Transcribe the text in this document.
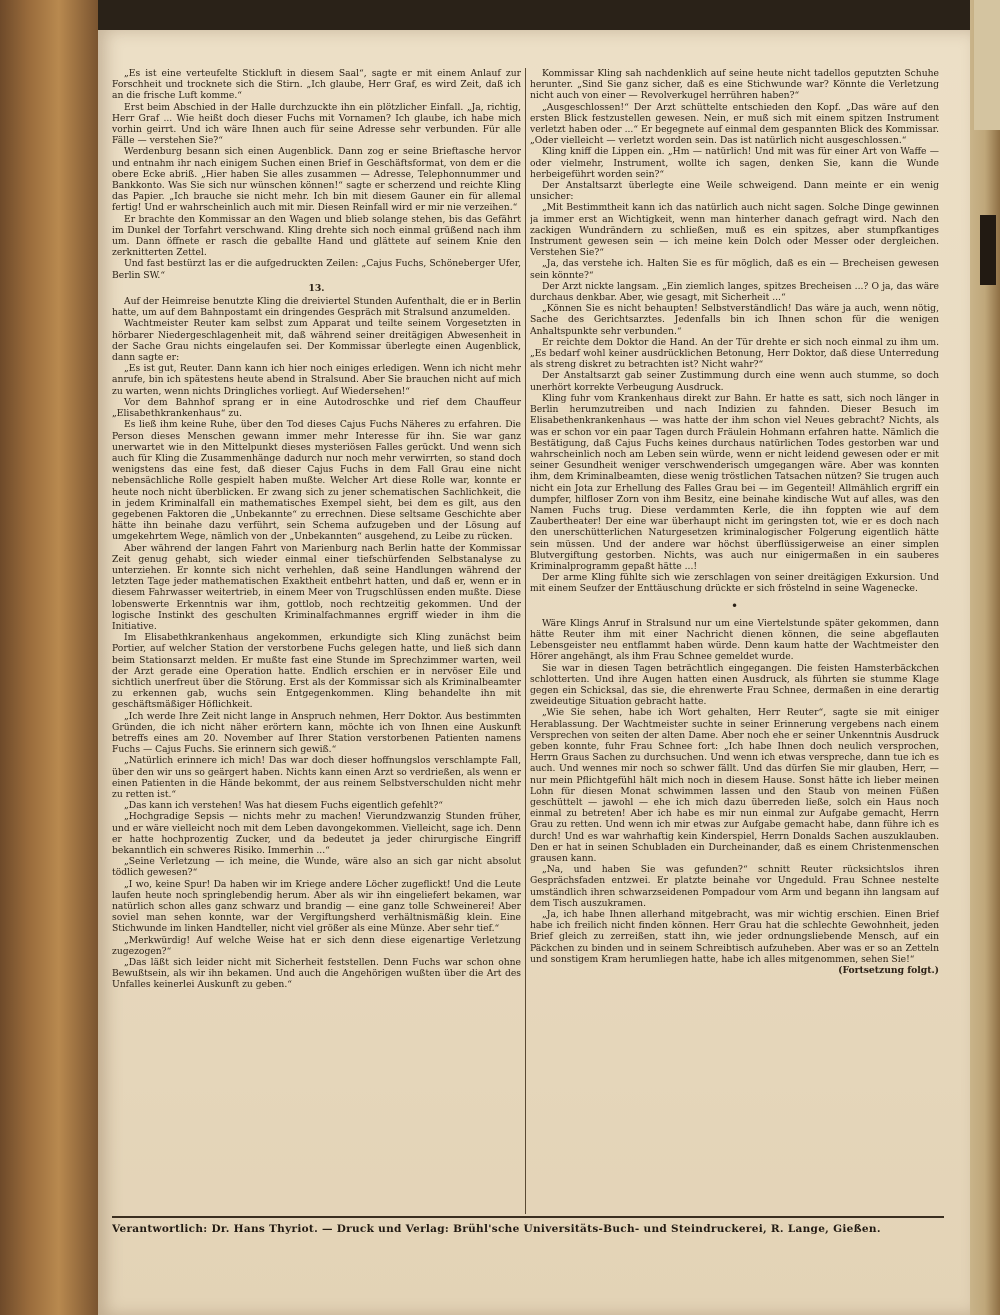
„Es ist eine verteufelte Stickluft in diesem Saal“, sagte er mit einem Anlauf zur Forschheit und trocknete sich die Stirn. „Ich glaube, Herr Graf, es wird Zeit, daß ich an die frische Luft komme.“

Erst beim Abschied in der Halle durchzuckte ihn ein plötzlicher Einfall. „Ja, richtig, Herr Graf ... Wie heißt doch dieser Fuchs mit Vornamen? Ich glaube, ich habe mich vorhin geirrt. Und ich wäre Ihnen auch für seine Adresse sehr verbunden. Für alle Fälle — verstehen Sie?“

Werdenburg besann sich einen Augenblick. Dann zog er seine Brieftasche hervor und entnahm ihr nach einigem Suchen einen Brief in Geschäftsformat, von dem er die obere Ecke abriß. „Hier haben Sie alles zusammen — Adresse, Telephonnummer und Bankkonto. Was Sie sich nur wünschen können!“ sagte er scherzend und reichte Kling das Papier. „Ich brauche sie nicht mehr. Ich bin mit diesem Gauner ein für allemal fertig! Und er wahrscheinlich auch mit mir. Diesen Reinfall wird er mir nie verzeihen.“

Er brachte den Kommissar an den Wagen und blieb solange stehen, bis das Gefährt im Dunkel der Torfahrt verschwand. Kling drehte sich noch einmal grüßend nach ihm um. Dann öffnete er rasch die geballte Hand und glättete auf seinem Knie den zerknitterten Zettel.

Und fast bestürzt las er die aufgedruckten Zeilen: „Cajus Fuchs, Schöneberger Ufer, Berlin SW.“

13.

Auf der Heimreise benutzte Kling die dreiviertel Stunden Aufenthalt, die er in Berlin hatte, um auf dem Bahnpostamt ein dringendes Gespräch mit Stralsund anzumelden.

Wachtmeister Reuter kam selbst zum Apparat und teilte seinem Vorgesetzten in hörbarer Niedergeschlagenheit mit, daß während seiner dreitägigen Abwesenheit in der Sache Grau nichts eingelaufen sei. Der Kommissar überlegte einen Augenblick, dann sagte er:

„Es ist gut, Reuter. Dann kann ich hier noch einiges erledigen. Wenn ich nicht mehr anrufe, bin ich spätestens heute abend in Stralsund. Aber Sie brauchen nicht auf mich zu warten, wenn nichts Dringliches vorliegt. Auf Wiedersehen!“

Vor dem Bahnhof sprang er in eine Autodroschke und rief dem Chauffeur „Elisabethkrankenhaus“ zu.

Es ließ ihm keine Ruhe, über den Tod dieses Cajus Fuchs Näheres zu erfahren. Die Person dieses Menschen gewann immer mehr Interesse für ihn. Sie war ganz unerwartet wie in den Mittelpunkt dieses mysteriösen Falles gerückt. Und wenn sich auch für Kling die Zusammenhänge dadurch nur noch mehr verwirrten, so stand doch wenigstens das eine fest, daß dieser Cajus Fuchs in dem Fall Grau eine nicht nebensächliche Rolle gespielt haben mußte. Welcher Art diese Rolle war, konnte er heute noch nicht überblicken. Er zwang sich zu jener schematischen Sachlichkeit, die in jedem Kriminalfall ein mathematisches Exempel sieht, bei dem es gilt, aus den gegebenen Faktoren die „Unbekannte“ zu errechnen. Diese seltsame Geschichte aber hätte ihn beinahe dazu verführt, sein Schema aufzugeben und der Lösung auf umgekehrtem Wege, nämlich von der „Unbekannten“ ausgehend, zu Leibe zu rücken.

Aber während der langen Fahrt von Marienburg nach Berlin hatte der Kommissar Zeit genug gehabt, sich wieder einmal einer tiefschürfenden Selbstanalyse zu unterziehen. Er konnte sich nicht verhehlen, daß seine Handlungen während der letzten Tage jeder mathematischen Exaktheit entbehrt hatten, und daß er, wenn er in diesem Fahrwasser weitertrieb, in einem Meer von Trugschlüssen enden mußte. Diese lobenswerte Erkenntnis war ihm, gottlob, noch rechtzeitig gekommen. Und der logische Instinkt des geschulten Kriminalfachmannes ergriff wieder in ihm die Initiative.

Im Elisabethkrankenhaus angekommen, erkundigte sich Kling zunächst beim Portier, auf welcher Station der verstorbene Fuchs gelegen hatte, und ließ sich dann beim Stationsarzt melden. Er mußte fast eine Stunde im Sprechzimmer warten, weil der Arzt gerade eine Operation hatte. Endlich erschien er in nervöser Eile und sichtlich unerfreut über die Störung. Erst als der Kommissar sich als Kriminalbeamter zu erkennen gab, wuchs sein Entgegenkommen. Kling behandelte ihn mit geschäftsmäßiger Höflichkeit.

„Ich werde Ihre Zeit nicht lange in Anspruch nehmen, Herr Doktor. Aus bestimmten Gründen, die ich nicht näher erörtern kann, möchte ich von Ihnen eine Auskunft betreffs eines am 20. November auf Ihrer Station verstorbenen Patienten namens Fuchs — Cajus Fuchs. Sie erinnern sich gewiß.“

„Natürlich erinnere ich mich! Das war doch dieser hoffnungslos verschlampte Fall, über den wir uns so geärgert haben. Nichts kann einen Arzt so verdrießen, als wenn er einen Patienten in die Hände bekommt, der aus reinem Selbstverschulden nicht mehr zu retten ist.“

„Das kann ich verstehen! Was hat diesem Fuchs eigentlich gefehlt?“

„Hochgradige Sepsis — nichts mehr zu machen! Vierundzwanzig Stunden früher, und er wäre vielleicht noch mit dem Leben davongekommen. Vielleicht, sage ich. Denn er hatte hochprozentig Zucker, und da bedeutet ja jeder chirurgische Eingriff bekanntlich ein schweres Risiko. Immerhin ...“

„Seine Verletzung — ich meine, die Wunde, wäre also an sich gar nicht absolut tödlich gewesen?“

„I wo, keine Spur! Da haben wir im Kriege andere Löcher zugeflickt! Und die Leute laufen heute noch springlebendig herum. Aber als wir ihn eingeliefert bekamen, war natürlich schon alles ganz schwarz und brandig — eine ganz tolle Schweinerei! Aber soviel man sehen konnte, war der Vergiftungsherd verhältnismäßig klein. Eine Stichwunde im linken Handteller, nicht viel größer als eine Münze. Aber sehr tief.“

„Merkwürdig! Auf welche Weise hat er sich denn diese eigenartige Verletzung zugezogen?“

„Das läßt sich leider nicht mit Sicherheit feststellen. Denn Fuchs war schon ohne Bewußtsein, als wir ihn bekamen. Und auch die Angehörigen wußten über die Art des Unfalles keinerlei Auskunft zu geben.“

Kommissar Kling sah nachdenklich auf seine heute nicht tadellos geputzten Schuhe herunter. „Sind Sie ganz sicher, daß es eine Stichwunde war? Könnte die Verletzung nicht auch von einer — Revolverkugel herrühren haben?“

„Ausgeschlossen!“ Der Arzt schüttelte entschieden den Kopf. „Das wäre auf den ersten Blick festzustellen gewesen. Nein, er muß sich mit einem spitzen Instrument verletzt haben oder ...“ Er begegnete auf einmal dem gespannten Blick des Kommissar. „Oder vielleicht — verletzt worden sein. Das ist natürlich nicht ausgeschlossen.“

Kling kniff die Lippen ein. „Hm — natürlich! Und mit was für einer Art von Waffe — oder vielmehr, Instrument, wollte ich sagen, denken Sie, kann die Wunde herbeigeführt worden sein?“

Der Anstaltsarzt überlegte eine Weile schweigend. Dann meinte er ein wenig unsicher:

„Mit Bestimmtheit kann ich das natürlich auch nicht sagen. Solche Dinge gewinnen ja immer erst an Wichtigkeit, wenn man hinterher danach gefragt wird. Nach den zackigen Wundrändern zu schließen, muß es ein spitzes, aber stumpfkantiges Instrument gewesen sein — ich meine kein Dolch oder Messer oder dergleichen. Verstehen Sie?“

„Ja, das verstehe ich. Halten Sie es für möglich, daß es ein — Brecheisen gewesen sein könnte?“

Der Arzt nickte langsam. „Ein ziemlich langes, spitzes Brecheisen ...? O ja, das wäre durchaus denkbar. Aber, wie gesagt, mit Sicherheit ...“

„Können Sie es nicht behaupten! Selbstverständlich! Das wäre ja auch, wenn nötig, Sache des Gerichtsarztes. Jedenfalls bin ich Ihnen schon für die wenigen Anhaltspunkte sehr verbunden.“

Er reichte dem Doktor die Hand. An der Tür drehte er sich noch einmal zu ihm um. „Es bedarf wohl keiner ausdrücklichen Betonung, Herr Doktor, daß diese Unterredung als streng diskret zu betrachten ist? Nicht wahr?“

Der Anstaltsarzt gab seiner Zustimmung durch eine wenn auch stumme, so doch unerhört korrekte Verbeugung Ausdruck.

Kling fuhr vom Krankenhaus direkt zur Bahn. Er hatte es satt, sich noch länger in Berlin herumzutreiben und nach Indizien zu fahnden. Dieser Besuch im Elisabethenkrankenhaus — was hatte der ihm schon viel Neues gebracht? Nichts, als was er schon vor ein paar Tagen durch Fräulein Hohmann erfahren hatte. Nämlich die Bestätigung, daß Cajus Fuchs keines durchaus natürlichen Todes gestorben war und wahrscheinlich noch am Leben sein würde, wenn er nicht leidend gewesen oder er mit seiner Gesundheit weniger verschwenderisch umgegangen wäre. Aber was konnten ihm, dem Kriminalbeamten, diese wenig tröstlichen Tatsachen nützen? Sie trugen auch nicht ein Jota zur Erhellung des Falles Grau bei — im Gegenteil! Allmählich ergriff ein dumpfer, hilfloser Zorn von ihm Besitz, eine beinahe kindische Wut auf alles, was den Namen Fuchs trug. Diese verdammten Kerle, die ihn foppten wie auf dem Zaubertheater! Der eine war überhaupt nicht im geringsten tot, wie er es doch nach den unerschütterlichen Naturgesetzen kriminalogischer Folgerung eigentlich hätte sein müssen. Und der andere war höchst überflüssigerweise an einer simplen Blutvergiftung gestorben. Nichts, was auch nur einigermaßen in ein sauberes Kriminalprogramm gepaßt hätte ...!

Der arme Kling fühlte sich wie zerschlagen von seiner dreitägigen Exkursion. Und mit einem Seufzer der Enttäuschung drückte er sich fröstelnd in seine Wagenecke.

•

Wäre Klings Anruf in Stralsund nur um eine Viertelstunde später gekommen, dann hätte Reuter ihm mit einer Nachricht dienen können, die seine abgeflauten Lebensgeister neu entflammt haben würde. Denn kaum hatte der Wachtmeister den Hörer angehängt, als ihm Frau Schnee gemeldet wurde.

Sie war in diesen Tagen beträchtlich eingegangen. Die feisten Hamsterbäckchen schlotterten. Und ihre Augen hatten einen Ausdruck, als führten sie stumme Klage gegen ein Schicksal, das sie, die ehrenwerte Frau Schnee, dermaßen in eine derartig zweideutige Situation gebracht hatte.

„Wie Sie sehen, habe ich Wort gehalten, Herr Reuter“, sagte sie mit einiger Herablassung. Der Wachtmeister suchte in seiner Erinnerung vergebens nach einem Versprechen von seiten der alten Dame. Aber noch ehe er seiner Unkenntnis Ausdruck geben konnte, fuhr Frau Schnee fort: „Ich habe Ihnen doch neulich versprochen, Herrn Graus Sachen zu durchsuchen. Und wenn ich etwas verspreche, dann tue ich es auch. Und wennes mir noch so schwer fällt. Und das dürfen Sie mir glauben, Herr, — nur mein Pflichtgefühl hält mich noch in diesem Hause. Sonst hätte ich lieber meinen Lohn für diesen Monat schwimmen lassen und den Staub von meinen Füßen geschüttelt — jawohl — ehe ich mich dazu überreden ließe, solch ein Haus noch einmal zu betreten! Aber ich habe es mir nun einmal zur Aufgabe gemacht, Herrn Grau zu retten. Und wenn ich mir etwas zur Aufgabe gemacht habe, dann führe ich es durch! Und es war wahrhaftig kein Kinderspiel, Herrn Donalds Sachen auszuklauben. Den er hat in seinen Schubladen ein Durcheinander, daß es einem Christenmenschen grausen kann.

„Na, und haben Sie was gefunden?“ schnitt Reuter rücksichtslos ihren Gesprächsfaden entzwei. Er platzte beinahe vor Ungeduld. Frau Schnee nestelte umständlich ihren schwarzseidenen Pompadour vom Arm und begann ihn langsam auf dem Tisch auszukramen.

„Ja, ich habe Ihnen allerhand mitgebracht, was mir wichtig erschien. Einen Brief habe ich freilich nicht finden können. Herr Grau hat die schlechte Gewohnheit, jeden Brief gleich zu zerreißen, statt ihn, wie jeder ordnungsliebende Mensch, auf ein Päckchen zu binden und in seinem Schreibtisch aufzuheben. Aber was er so an Zetteln und sonstigem Kram herumliegen hatte, habe ich alles mitgenommen, sehen Sie!“

(Fortsetzung folgt.)

Verantwortlich: Dr. Hans Thyriot. — Druck und Verlag: Brühl'sche Universitäts-Buch- und Steindruckerei, R. Lange, Gießen.
